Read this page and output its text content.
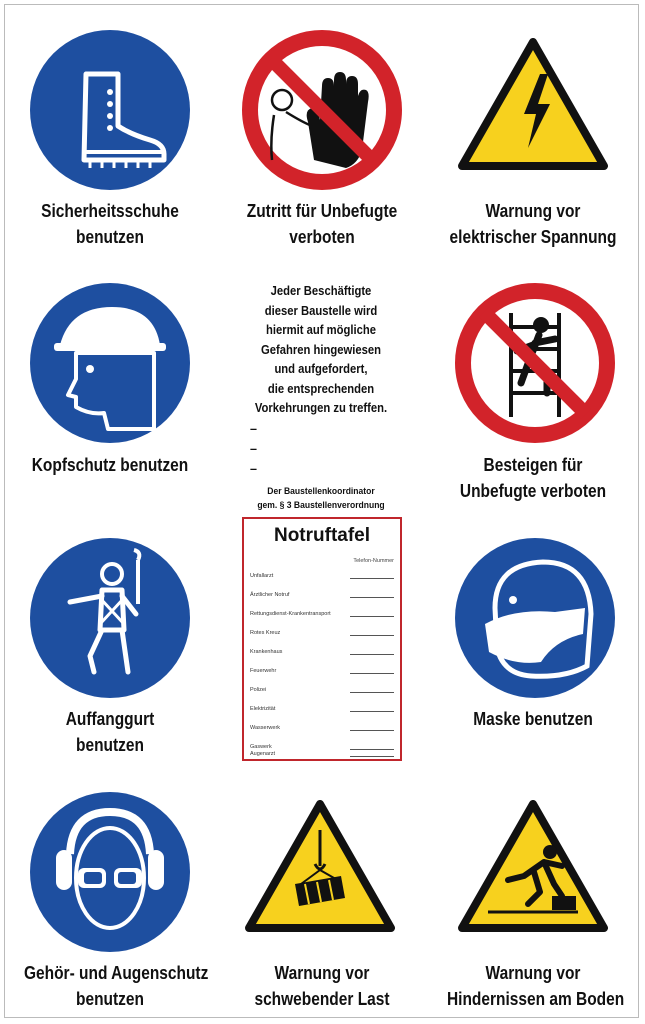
Sicherheitsschuhe
benutzen
Zutritt für Unbefugte
verboten
Warnung vor
elektrischer Spannung
Kopfschutz benutzen
Jeder Beschäftigte
dieser Baustelle wird
hiermit auf mögliche
Gefahren hingewiesen
und aufgefordert,
die entsprechenden
Vorkehrungen zu treffen.
–
–
–
Der Baustellenkoordinator
gem. § 3 Baustellenverordnung
Besteigen für
Unbefugte verboten
Auffanggurt
benutzen
Notruftafel
Telefon-Nummer
Unfallarzt
Ärztlicher Notruf
Rettungsdienst-Krankentransport
Rotes Kreuz
Krankenhaus
Feuerwehr
Polizei
Elektrizität
Wasserwerk
Gaswerk
Augenarzt
Maske benutzen
Gehör- und Augenschutz
benutzen
Warnung vor
schwebender Last
Warnung vor
Hindernissen am Boden
